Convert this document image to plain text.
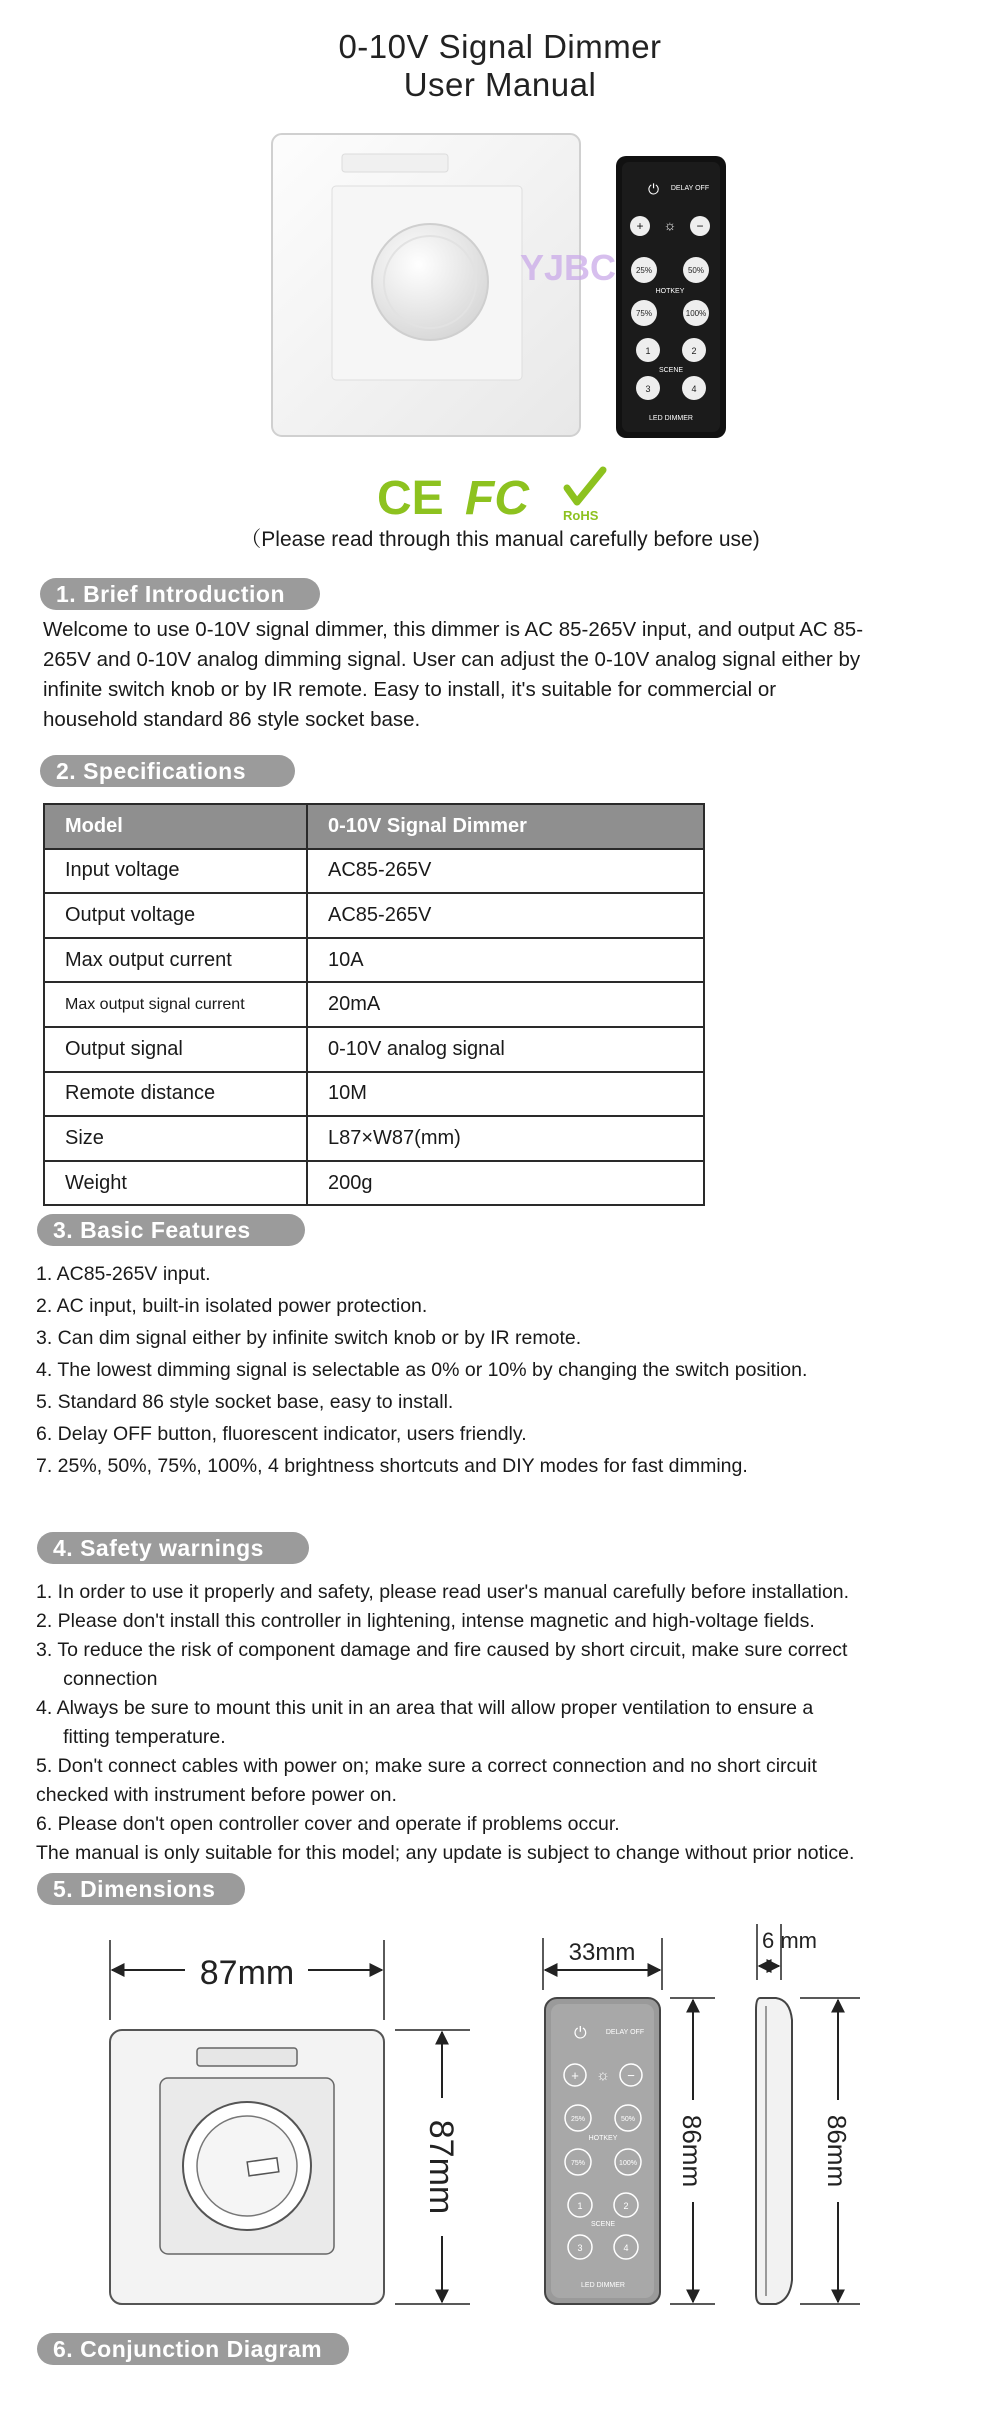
0-10V Signal Dimmer
User Manual
⏻ DELAY OFF
+ ☼ −
25%	50%
HOTKEY
75%	100%
1	2
SCENE
3	4
LED DIMMER
YJBC
CE FC	RoHS
（Please read through this manual carefully before use)
1. Brief Introduction
Welcome to use 0-10V signal dimmer, this dimmer is AC 85-265V input, and output AC 85-
265V and 0-10V analog dimming signal. User can adjust the 0-10V analog signal either by
infinite switch knob or by IR remote. Easy to install, it's suitable for commercial or
household standard 86 style socket base.
2. Specifications
Model	0-10V Signal Dimmer
Input voltage	AC85-265V
Output voltage	AC85-265V
Max output current	10A
Max output signal current	20mA
Output signal	0-10V analog signal
Remote distance	10M
Size	L87×W87(mm)
Weight	200g
3. Basic Features
1. AC85-265V input.
2. AC input, built-in isolated power protection.
3. Can dim signal either by infinite switch knob or by IR remote.
4. The lowest dimming signal is selectable as 0% or 10% by changing the switch position.
5. Standard 86 style socket base, easy to install.
6. Delay OFF button, fluorescent indicator, users friendly.
7. 25%, 50%, 75%, 100%, 4 brightness shortcuts and DIY modes for fast dimming.
4. Safety warnings
1. In order to use it properly and safety, please read user's manual carefully before installation.
2. Please don't install this controller in lightening, intense magnetic and high-voltage fields.
3. To reduce the risk of component damage and fire caused by short circuit, make sure correct
connection
4. Always be sure to mount this unit in an area that will allow proper ventilation to ensure a
fitting temperature.
5. Don't connect cables with power on; make sure a correct connection and no short circuit
checked with instrument before power on.
6. Please don't open controller cover and operate if problems occur.
The manual is only suitable for this model; any update is subject to change without prior notice.
5. Dimensions
87mm
87mm
33mm
⏻	DELAY OFF
+ ☼ −
25%	50%
HOTKEY
75%	100%
1	2
SCENE
3	4
LED DIMMER
86mm
6 mm
86mm
6. Conjunction Diagram
